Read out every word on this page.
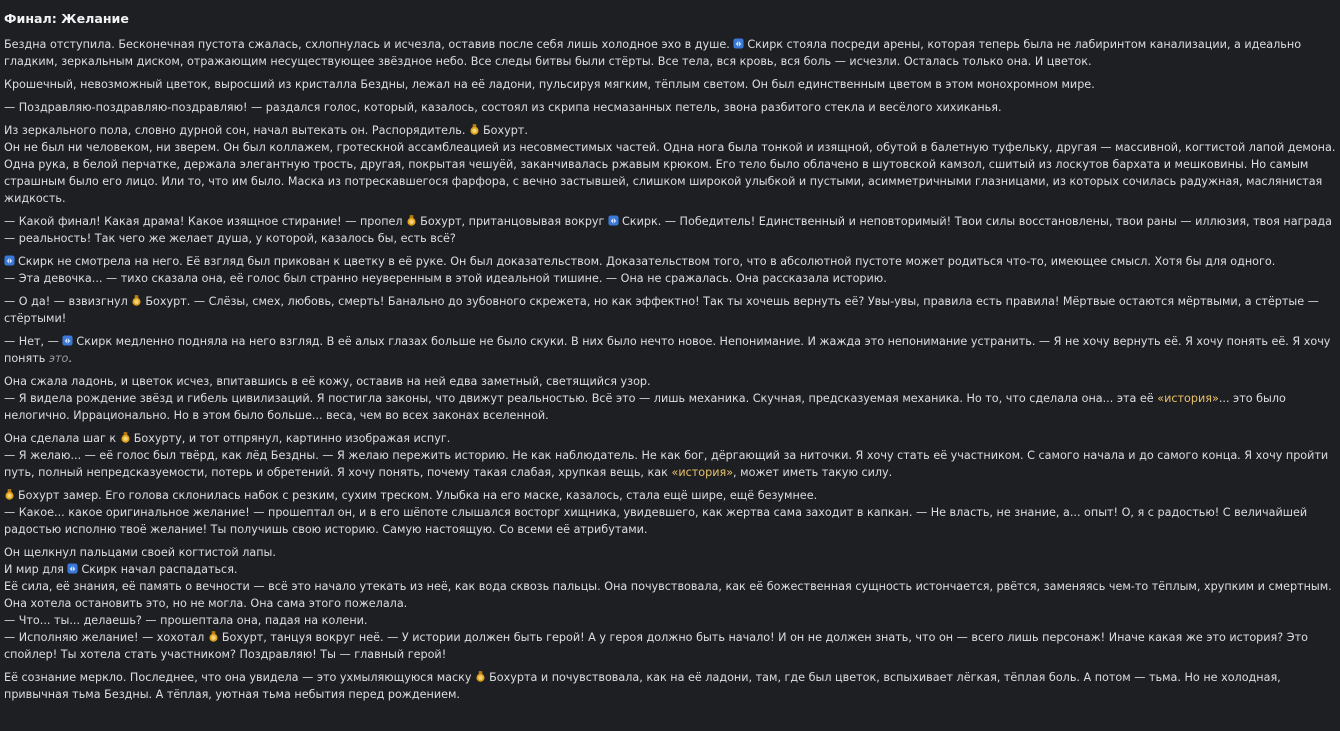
Финал: Желание
Бездна отступила. Бесконечная пустота сжалась, схлопнулась и исчезла, оставив после себя лишь холодное эхо в душе.
Скирк стояла посреди арены, которая теперь была не лабиринтом канализации, а идеально гладким, зеркальным диском, отражающим несуществующее звёздное небо. Все следы битвы были стёрты. Все тела, вся кровь, вся боль — исчезли. Осталась только она. И цветок.
Крошечный, невозможный цветок, выросший из кристалла Бездны, лежал на её ладони, пульсируя мягким, тёплым светом. Он был единственным цветом в этом монохромном мире.
— Поздравляю-поздравляю-поздравляю! — раздался голос, который, казалось, состоял из скрипа несмазанных петель, звона разбитого стекла и весёлого хихиканья.
Из зеркального пола, словно дурной сон, начал вытекать он. Распорядитель.
Бохурт.
Он не был ни человеком, ни зверем. Он был коллажем, гротескной ассамблеацией из несовместимых частей. Одна нога была тонкой и изящной, обутой в балетную туфельку, другая — массивной, когтистой лапой демона. Одна рука, в белой перчатке, держала элегантную трость, другая, покрытая чешуёй, заканчивалась ржавым крюком. Его тело было облачено в шутовской камзол, сшитый из лоскутов бархата и мешковины. Но самым страшным было его лицо. Или то, что им было. Маска из потрескавшегося фарфора, с вечно застывшей, слишком широкой улыбкой и пустыми, асимметричными глазницами, из которых сочилась радужная, маслянистая жидкость.
— Какой финал! Какая драма! Какое изящное стирание! — пропел
Бохурт, пританцовывая вокруг
Скирк. — Победитель! Единственный и неповторимый! Твои силы восстановлены, твои раны — иллюзия, твоя награда — реальность! Так чего же желает душа, у которой, казалось бы, есть всё?
Скирк не смотрела на него. Её взгляд был прикован к цветку в её руке. Он был доказательством. Доказательством того, что в абсолютной пустоте может родиться что-то, имеющее смысл. Хотя бы для одного.
— Эта девочка... — тихо сказала она, её голос был странно неуверенным в этой идеальной тишине. — Она не сражалась. Она рассказала историю.
— О да! — взвизгнул
Бохурт. — Слёзы, смех, любовь, смерть! Банально до зубовного скрежета, но как эффектно! Так ты хочешь вернуть её? Увы-увы, правила есть правила! Мёртвые остаются мёртвыми, а стёртые — стёртыми!
— Нет, —
Скирк медленно подняла на него взгляд. В её алых глазах больше не было скуки. В них было нечто новое. Непонимание. И жажда это непонимание устранить. — Я не хочу вернуть её. Я хочу понять её. Я хочу понять это.
Она сжала ладонь, и цветок исчез, впитавшись в её кожу, оставив на ней едва заметный, светящийся узор.
— Я видела рождение звёзд и гибель цивилизаций. Я постигла законы, что движут реальностью. Всё это — лишь механика. Скучная, предсказуемая механика. Но то, что сделала она... эта её «история»... это было нелогично. Иррационально. Но в этом было больше... веса, чем во всех законах вселенной.
Она сделала шаг к
Бохурту, и тот отпрянул, картинно изображая испуг.
— Я желаю... — её голос был твёрд, как лёд Бездны. — Я желаю пережить историю. Не как наблюдатель. Не как бог, дёргающий за ниточки. Я хочу стать её участником. С самого начала и до самого конца. Я хочу пройти путь, полный непредсказуемости, потерь и обретений. Я хочу понять, почему такая слабая, хрупкая вещь, как «история», может иметь такую силу.
Бохурт замер. Его голова склонилась набок с резким, сухим треском. Улыбка на его маске, казалось, стала ещё шире, ещё безумнее.
— Какое... какое оригинальное желание! — прошептал он, и в его шёпоте слышался восторг хищника, увидевшего, как жертва сама заходит в капкан. — Не власть, не знание, а... опыт! О, я с радостью! С величайшей радостью исполню твоё желание! Ты получишь свою историю. Самую настоящую. Со всеми её атрибутами.
Он щелкнул пальцами своей когтистой лапы.
И мир для
Скирк начал распадаться.
Её сила, её знания, её память о вечности — всё это начало утекать из неё, как вода сквозь пальцы. Она почувствовала, как её божественная сущность истончается, рвётся, заменяясь чем-то тёплым, хрупким и смертным. Она хотела остановить это, но не могла. Она сама этого пожелала.
— Что... ты... делаешь? — прошептала она, падая на колени.
— Исполняю желание! — хохотал
Бохурт, танцуя вокруг неё. — У истории должен быть герой! А у героя должно быть начало! И он не должен знать, что он — всего лишь персонаж! Иначе какая же это история? Это спойлер! Ты хотела стать участником? Поздравляю! Ты — главный герой!
Её сознание меркло. Последнее, что она увидела — это ухмыляющуюся маску
Бохурта и почувствовала, как на её ладони, там, где был цветок, вспыхивает лёгкая, тёплая боль. А потом — тьма. Но не холодная, привычная тьма Бездны. А тёплая, уютная тьма небытия перед рождением.
